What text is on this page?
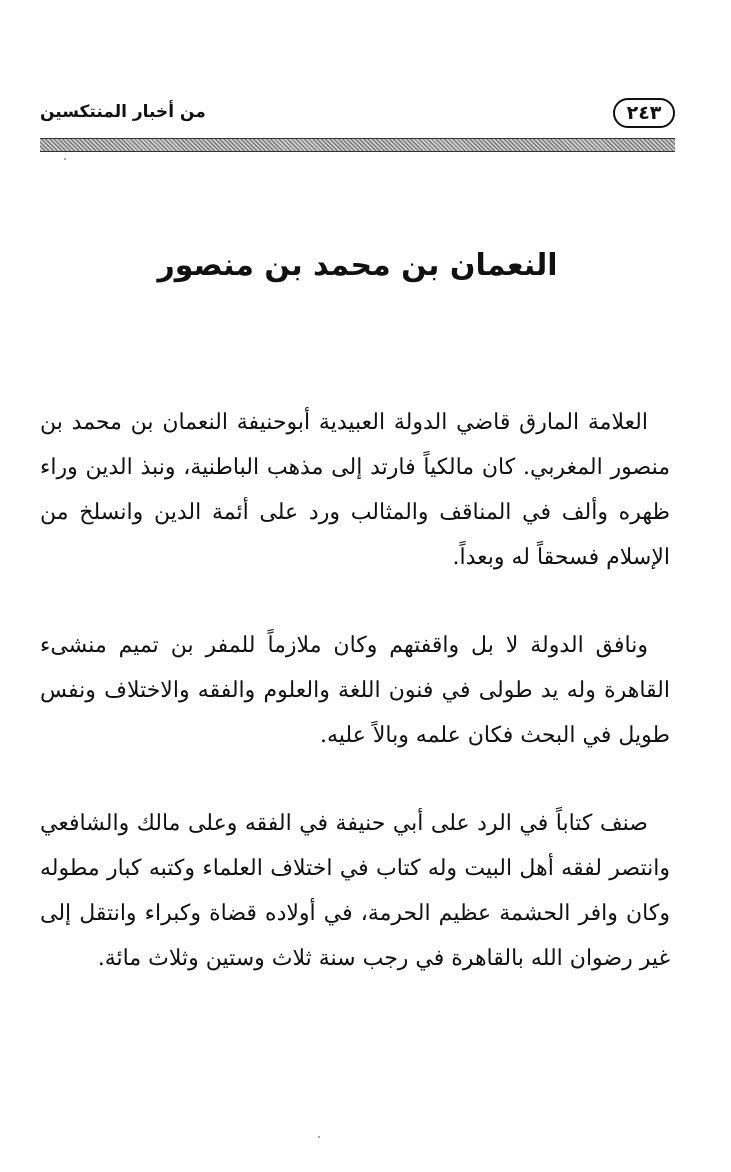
٢٤٣
من أخبار المنتكسين
النعمان بن محمد بن منصور

العلامة المارق قاضي الدولة العبيدية أبوحنيفة النعمان بن محمد بن منصور المغربي. كان مالكياً فارتد إلى مذهب الباطنية، ونبذ الدين وراء ظهره وألف في المناقف والمثالب ورد على أئمة الدين وانسلخ من الإسلام فسحقاً له وبعداً.

ونافق الدولة لا بل واقفتهم وكان ملازماً للمفر بن تميم منشىء القاهرة وله يد طولى في فنون اللغة والعلوم والفقه والاختلاف ونفس طويل في البحث فكان علمه وبالاً عليه.

صنف كتاباً في الرد على أبي حنيفة في الفقه وعلى مالك والشافعي وانتصر لفقه أهل البيت وله كتاب في اختلاف العلماء وكتبه كبار مطوله وكان وافر الحشمة عظيم الحرمة، في أولاده قضاة وكبراء وانتقل إلى غير رضوان الله بالقاهرة في رجب سنة ثلاث وستين وثلاث مائة.
